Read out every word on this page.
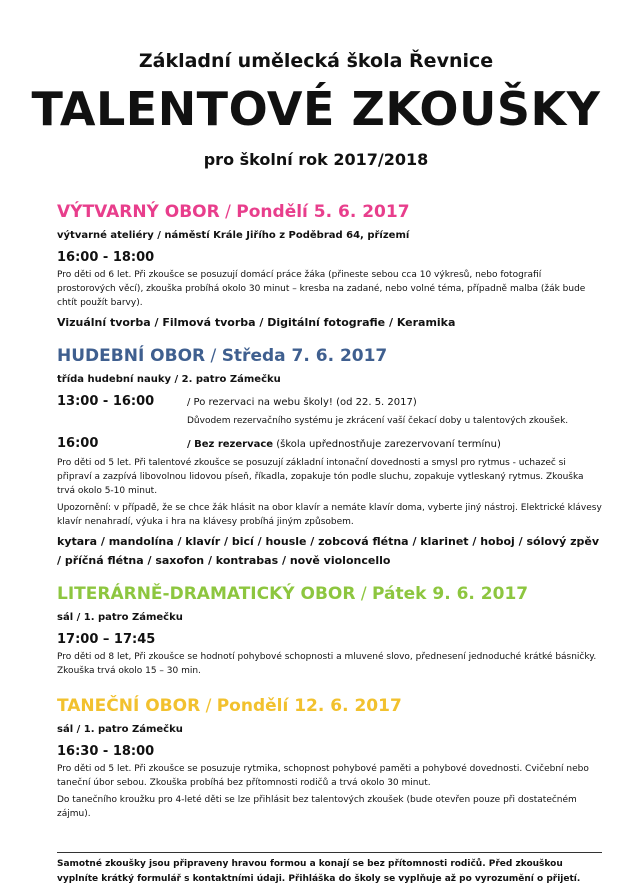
Základní umělecká škola Řevnice
TALENTOVÉ ZKOUŠKY
pro školní rok 2017/2018
VÝTVARNÝ OBOR / Pondělí 5. 6. 2017
výtvarné ateliéry / náměstí Krále Jiřího z Poděbrad 64, přízemí
16:00 - 18:00
Pro děti od 6 let. Při zkoušce se posuzují domácí práce žáka (přineste sebou cca 10 výkresů, nebo fotografií prostorových věcí), zkouška probíhá okolo 30 minut – kresba na zadané, nebo volné téma, případně malba (žák bude chtít použít barvy).
Vizuální tvorba / Filmová tvorba / Digitální fotografie / Keramika
HUDEBNÍ OBOR / Středa 7. 6. 2017
třída hudební nauky / 2. patro Zámečku
13:00 - 16:00	/ Po rezervaci na webu školy! (od 22. 5. 2017)
Důvodem rezervačního systému je zkrácení vaší čekací doby u talentových zkoušek.
16:00	/ Bez rezervace (škola upřednostňuje zarezervovaní termínu)
Pro děti od 5 let. Při talentové zkoušce se posuzují základní intonační dovednosti a smysl pro rytmus - uchazeč si připraví a zazpívá libovolnou lidovou píseň, říkadla, zopakuje tón podle sluchu, zopakuje vytleskaný rytmus. Zkouška trvá okolo 5-10 minut.
Upozornění: v případě, že se chce žák hlásit na obor klavír a nemáte klavír doma, vyberte jiný nástroj. Elektrické klávesy klavír nenahradí, výuka i hra na klávesy probíhá jiným způsobem.
kytara / mandolína / klavír / bicí / housle / zobcová flétna / klarinet / hoboj / sólový zpěv / příčná flétna / saxofon / kontrabas / nově violoncello
LITERÁRNĚ-DRAMATICKÝ OBOR / Pátek 9. 6. 2017
sál / 1. patro Zámečku
17:00 – 17:45
Pro děti od 8 let, Při zkoušce se hodnotí pohybové schopnosti a mluvené slovo, přednesení jednoduché krátké básničky. Zkouška trvá okolo 15 – 30 min.
TANEČNÍ OBOR / Pondělí 12. 6. 2017
sál / 1. patro Zámečku
16:30 - 18:00
Pro děti od 5 let. Při zkoušce se posuzuje rytmika, schopnost pohybové paměti a pohybové dovednosti. Cvičební nebo taneční úbor sebou. Zkouška probíhá bez přítomnosti rodičů a trvá okolo 30 minut.
Do tanečního kroužku pro 4-leté děti se lze přihlásit bez talentových zkoušek (bude otevřen pouze při dostatečném zájmu).
Samotné zkoušky jsou připraveny hravou formou a konají se bez přítomnosti rodičů. Před zkouškou vyplníte krátký formulář s kontaktními údaji. Přihláška do školy se vyplňuje až po vyrozumění o přijetí.
